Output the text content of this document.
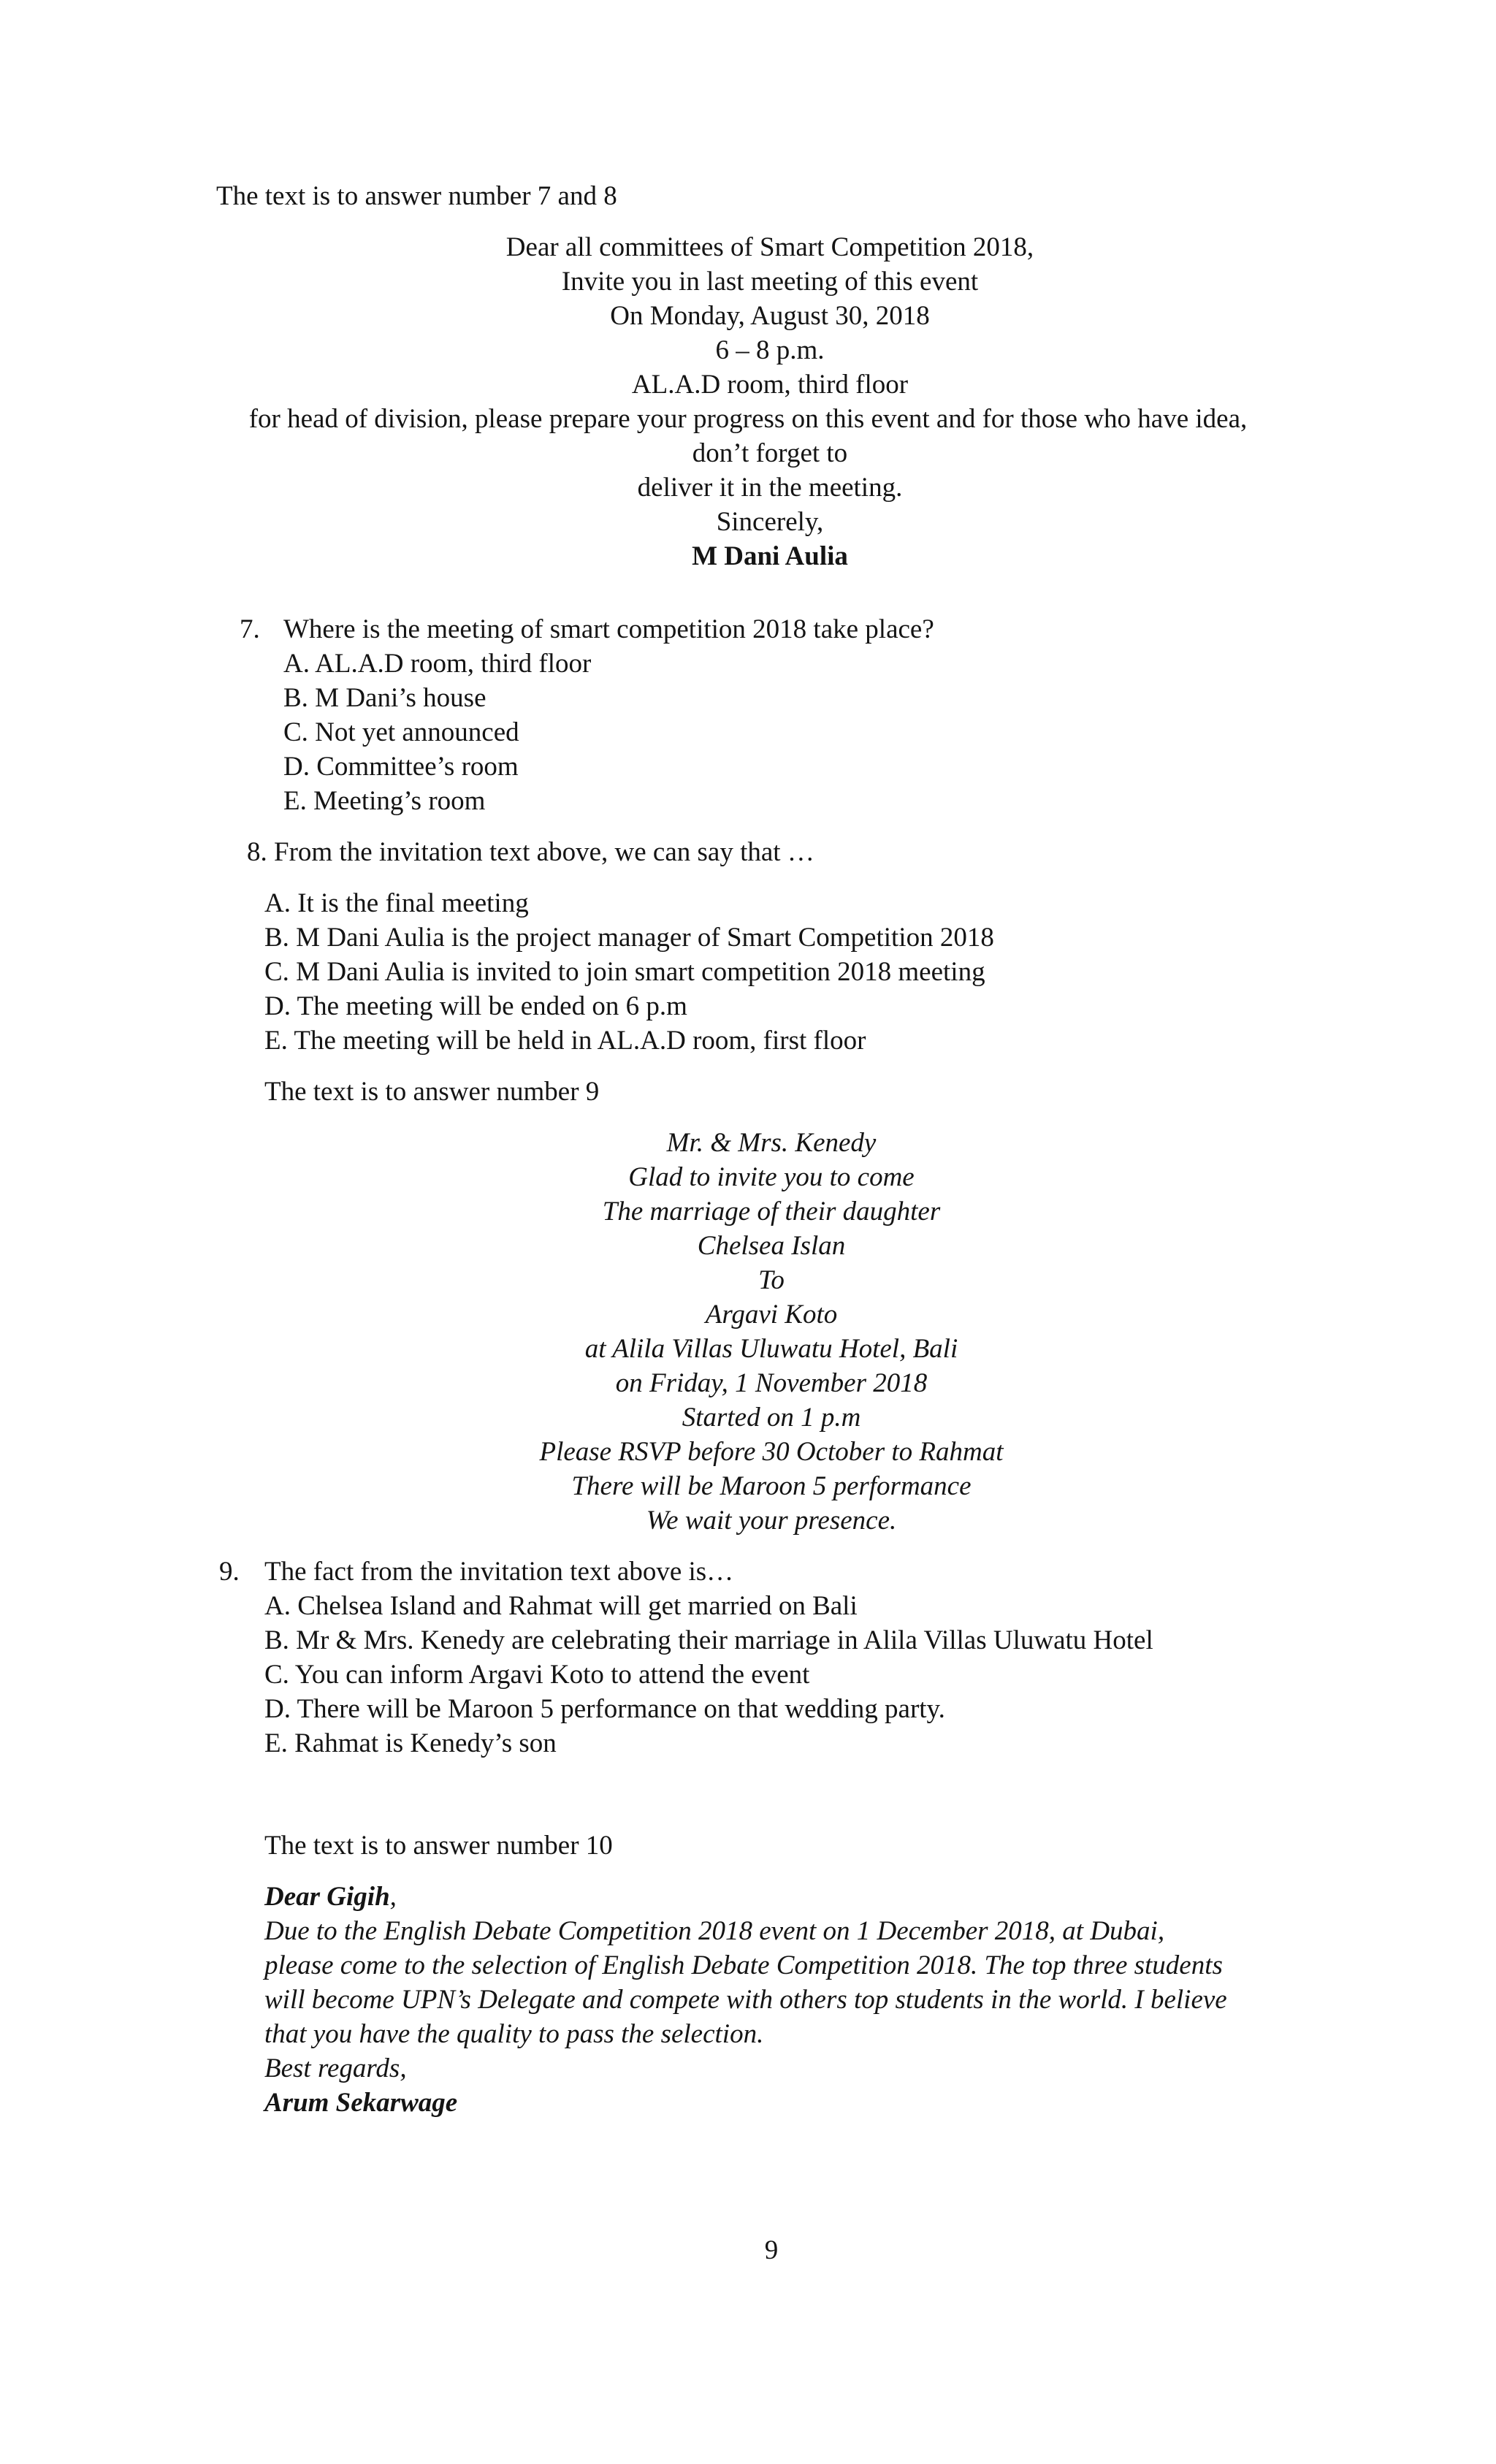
The text is to answer number 7 and 8
Dear all committees of Smart Competition 2018,
Invite you in last meeting of this event
On Monday, August 30, 2018
6 – 8 p.m.
AL.A.D room, third floor
for head of division, please prepare your progress on this event and for those who have idea,
don’t forget to
deliver it in the meeting.
Sincerely,
M Dani Aulia
7. Where is the meeting of smart competition 2018 take place?
A. AL.A.D room, third floor
B. M Dani’s house
C. Not yet announced
D. Committee’s room
E. Meeting’s room
8. From the invitation text above, we can say that …
A. It is the final meeting
B. M Dani Aulia is the project manager of Smart Competition 2018
C. M Dani Aulia is invited to join smart competition 2018 meeting
D. The meeting will be ended on 6 p.m
E. The meeting will be held in AL.A.D room, first floor
The text is to answer number 9
Mr. & Mrs. Kenedy
Glad to invite you to come
The marriage of their daughter
Chelsea Islan
To
Argavi Koto
at Alila Villas Uluwatu Hotel, Bali
on Friday, 1 November 2018
Started on 1 p.m
Please RSVP before 30 October to Rahmat
There will be Maroon 5 performance
We wait your presence.
9. The fact from the invitation text above is…
A. Chelsea Island and Rahmat will get married on Bali
B. Mr & Mrs. Kenedy are celebrating their marriage in Alila Villas Uluwatu Hotel
C. You can inform Argavi Koto to attend the event
D. There will be Maroon 5 performance on that wedding party.
E. Rahmat is Kenedy’s son
The text is to answer number 10
Dear Gigih,
Due to the English Debate Competition 2018 event on 1 December 2018, at Dubai,
please come to the selection of English Debate Competition 2018. The top three students
will become UPN’s Delegate and compete with others top students in the world. I believe
that you have the quality to pass the selection.
Best regards,
Arum Sekarwage
9
